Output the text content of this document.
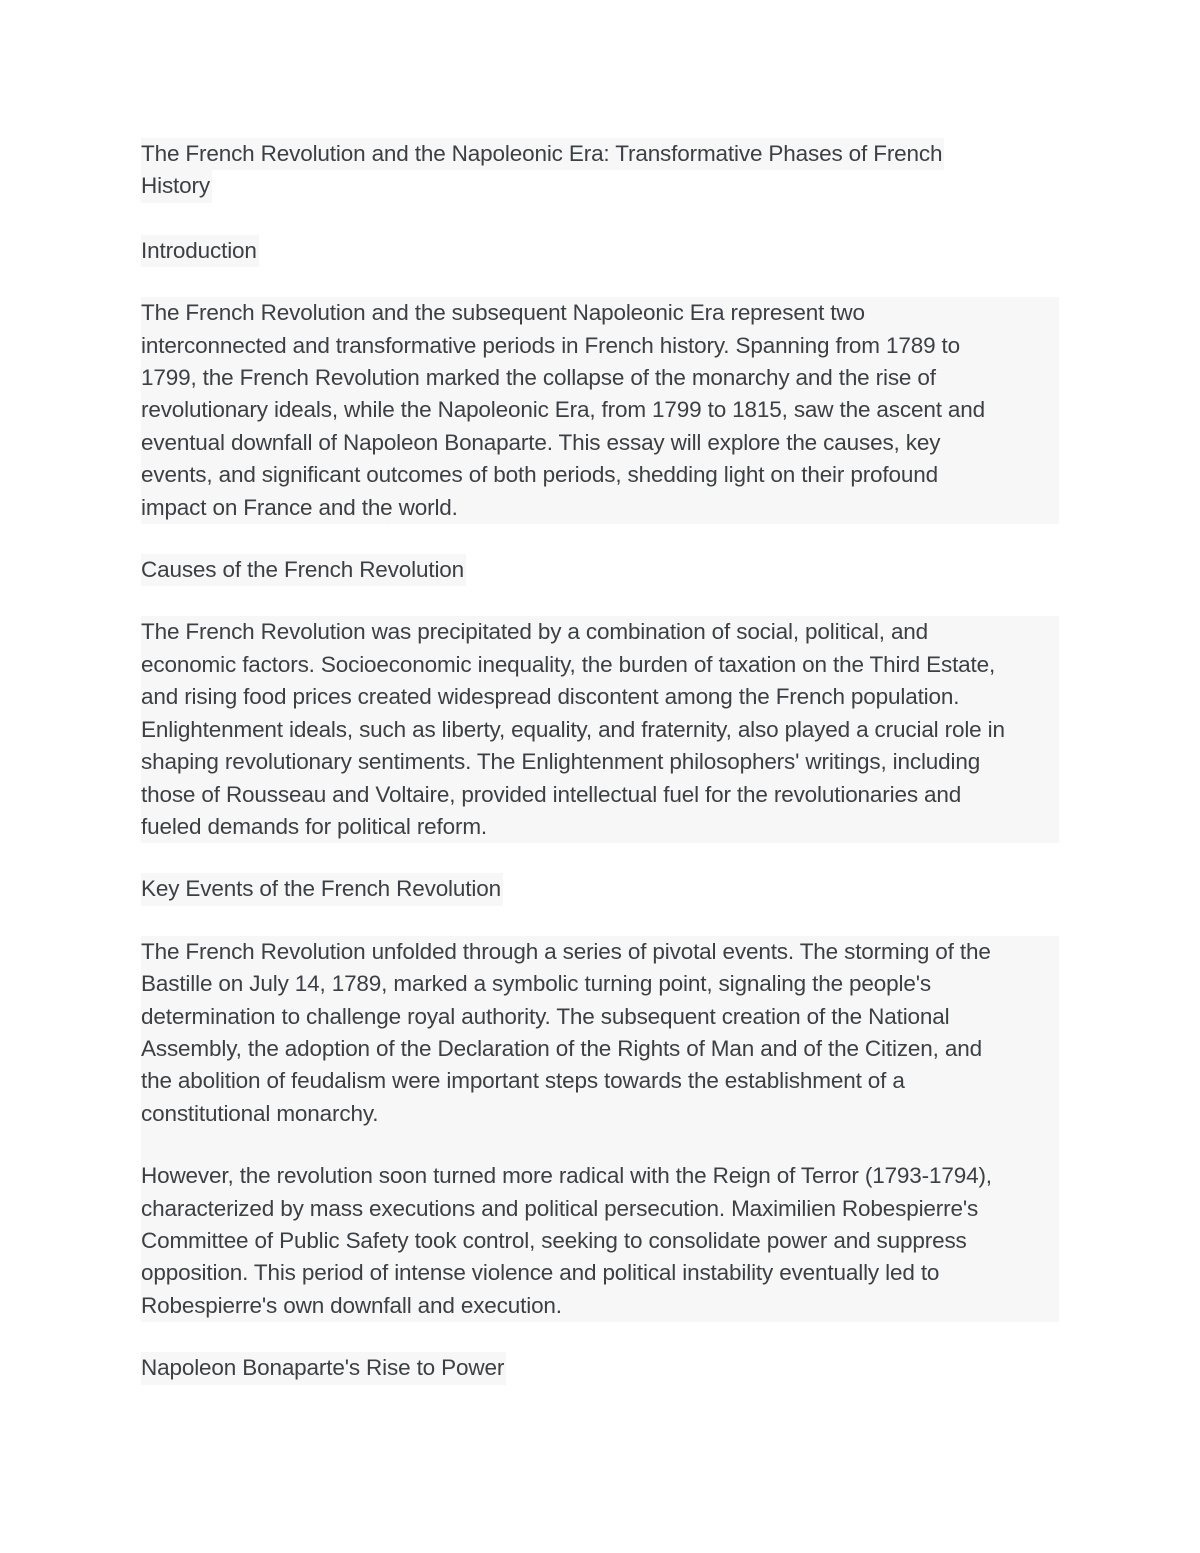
The French Revolution and the Napoleonic Era: Transformative Phases of French

History

Introduction

The French Revolution and the subsequent Napoleonic Era represent two

interconnected and transformative periods in French history. Spanning from 1789 to

1799, the French Revolution marked the collapse of the monarchy and the rise of

revolutionary ideals, while the Napoleonic Era, from 1799 to 1815, saw the ascent and

eventual downfall of Napoleon Bonaparte. This essay will explore the causes, key

events, and significant outcomes of both periods, shedding light on their profound

impact on France and the world.

Causes of the French Revolution

The French Revolution was precipitated by a combination of social, political, and

economic factors. Socioeconomic inequality, the burden of taxation on the Third Estate,

and rising food prices created widespread discontent among the French population.

Enlightenment ideals, such as liberty, equality, and fraternity, also played a crucial role in

shaping revolutionary sentiments. The Enlightenment philosophers' writings, including

those of Rousseau and Voltaire, provided intellectual fuel for the revolutionaries and

fueled demands for political reform.

Key Events of the French Revolution

The French Revolution unfolded through a series of pivotal events. The storming of the

Bastille on July 14, 1789, marked a symbolic turning point, signaling the people's

determination to challenge royal authority. The subsequent creation of the National

Assembly, the adoption of the Declaration of the Rights of Man and of the Citizen, and

the abolition of feudalism were important steps towards the establishment of a

constitutional monarchy.

However, the revolution soon turned more radical with the Reign of Terror (1793-1794),

characterized by mass executions and political persecution. Maximilien Robespierre's

Committee of Public Safety took control, seeking to consolidate power and suppress

opposition. This period of intense violence and political instability eventually led to

Robespierre's own downfall and execution.

Napoleon Bonaparte's Rise to Power
